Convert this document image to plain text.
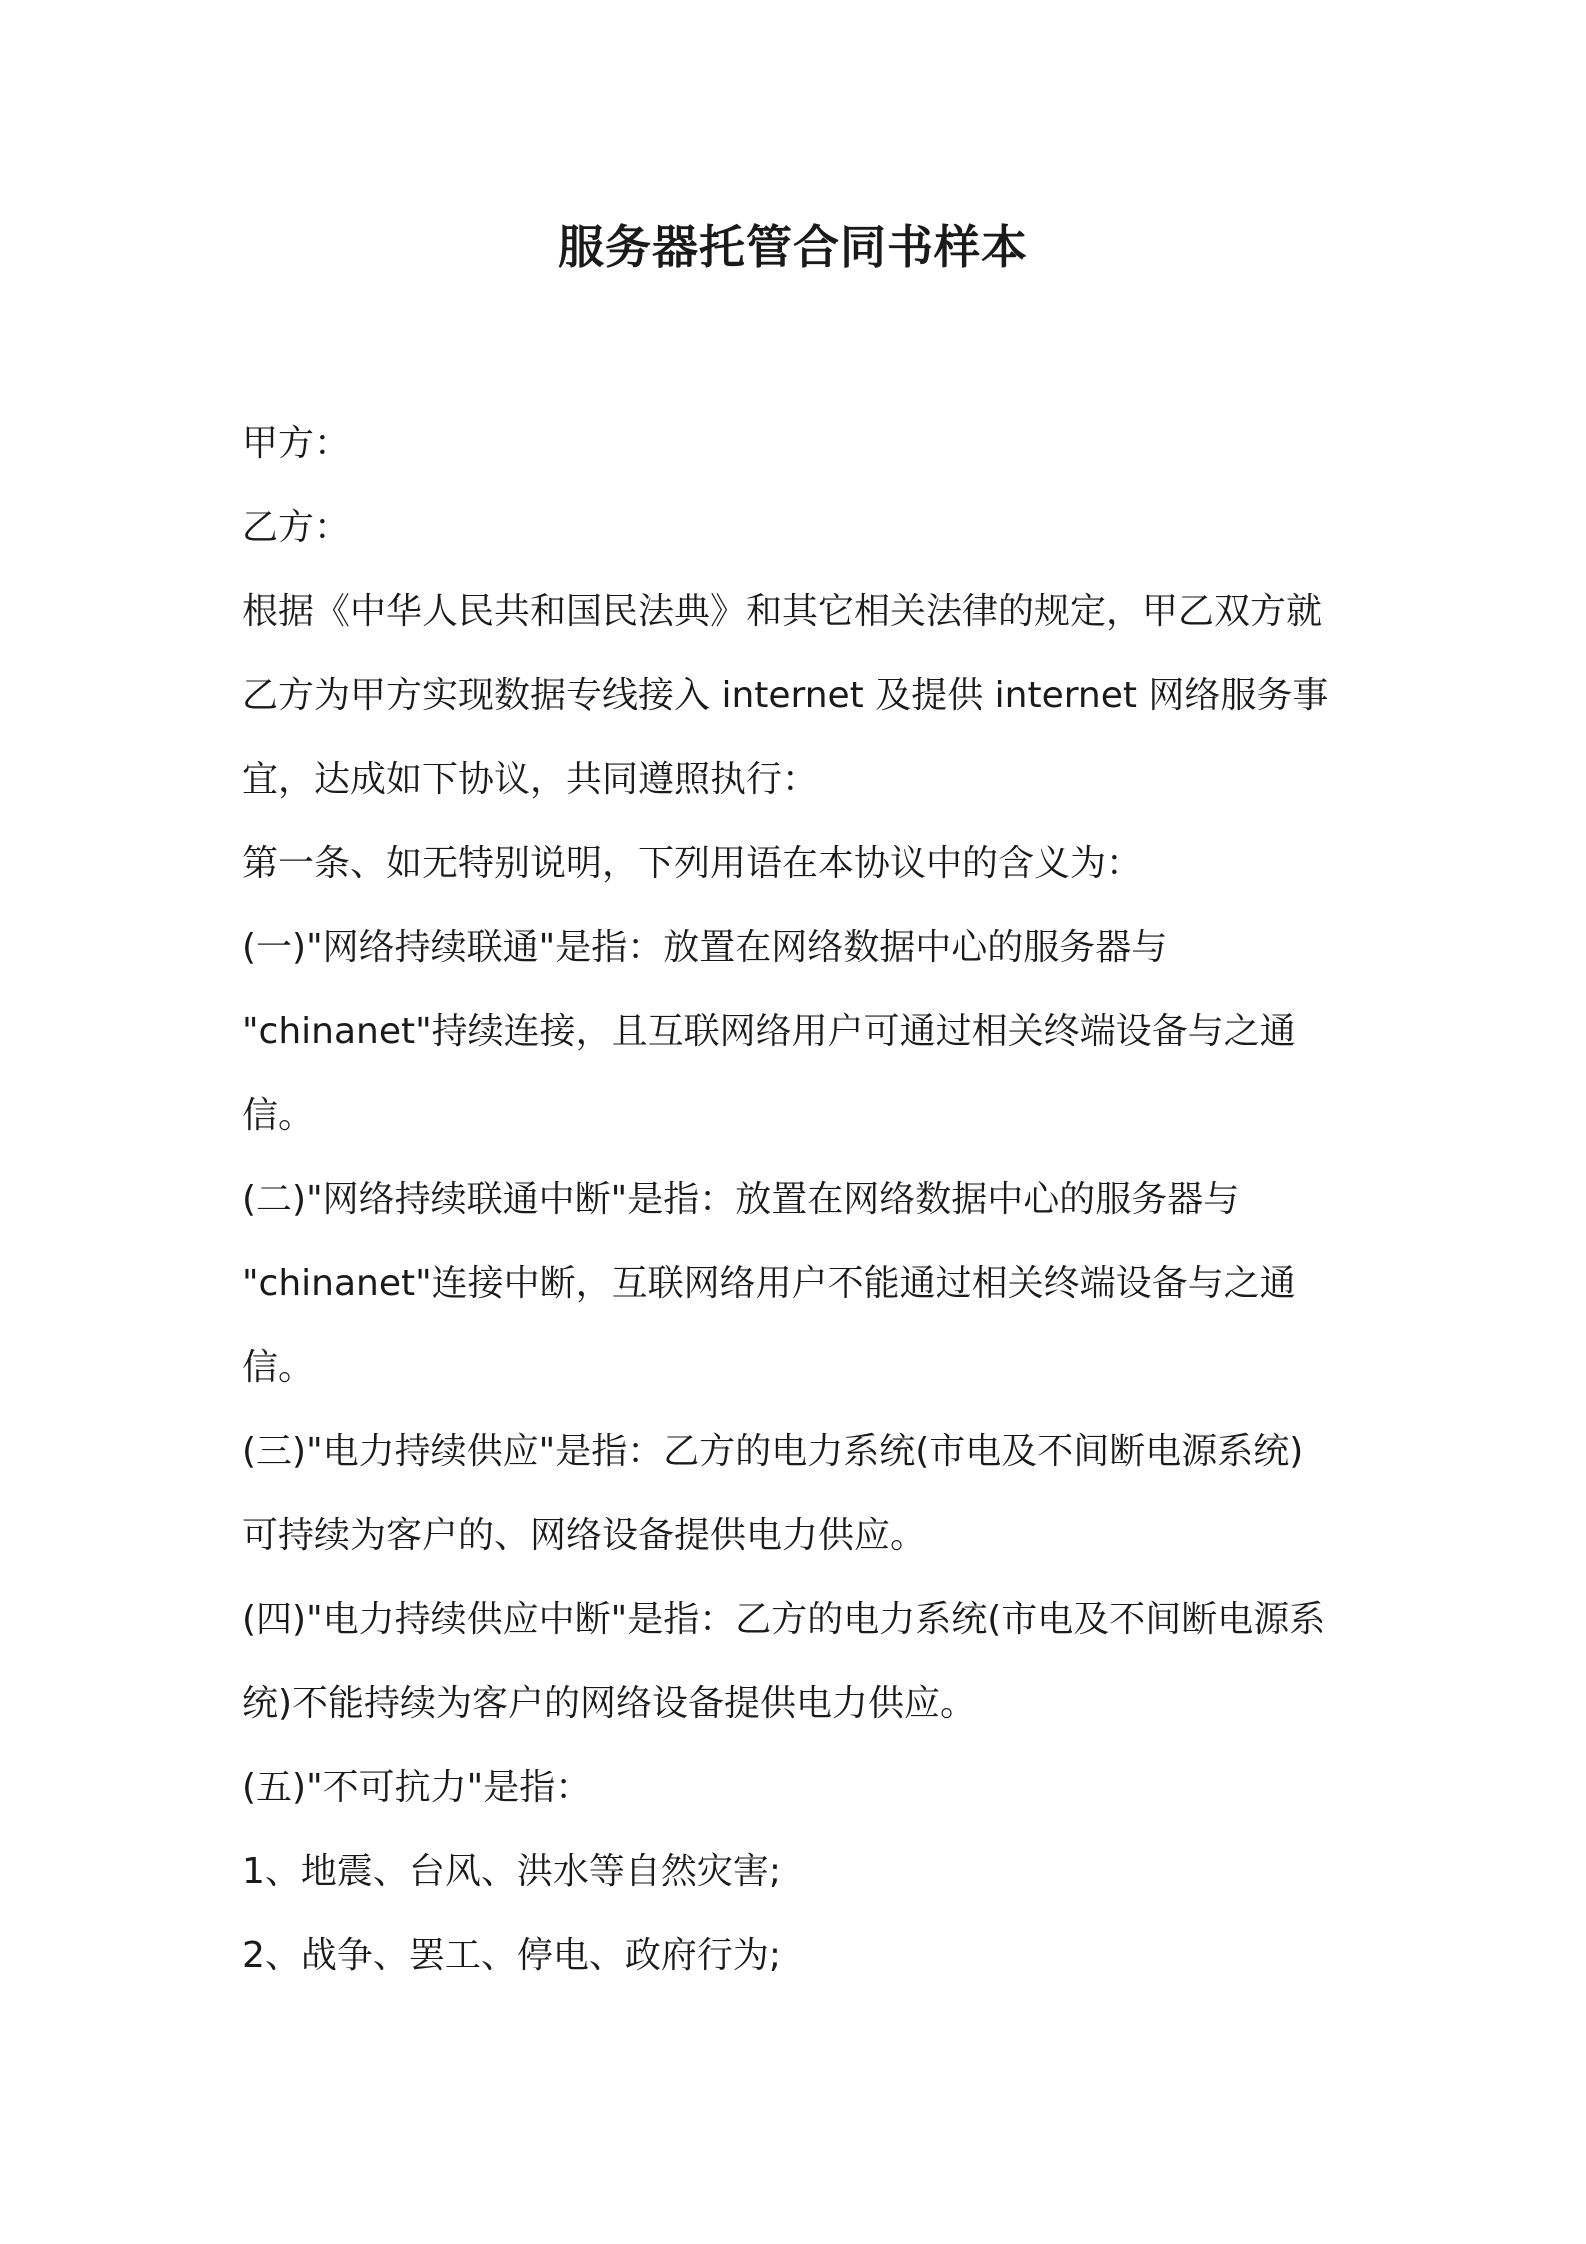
服务器托管合同书样本

甲方：

乙方：

根据《中华人民共和国民法典》和其它相关法律的规定，甲乙双方就

乙方为甲方实现数据专线接入 internet 及提供 internet 网络服务事

宜，达成如下协议，共同遵照执行：

第一条、如无特别说明，下列用语在本协议中的含义为：

(一)"网络持续联通"是指：放置在网络数据中心的服务器与

"chinanet"持续连接，且互联网络用户可通过相关终端设备与之通

信。

(二)"网络持续联通中断"是指：放置在网络数据中心的服务器与

"chinanet"连接中断，互联网络用户不能通过相关终端设备与之通

信。

(三)"电力持续供应"是指：乙方的电力系统(市电及不间断电源系统)

可持续为客户的、网络设备提供电力供应。

(四)"电力持续供应中断"是指：乙方的电力系统(市电及不间断电源系

统)不能持续为客户的网络设备提供电力供应。

(五)"不可抗力"是指：

1、地震、台风、洪水等自然灾害;

2、战争、罢工、停电、政府行为;
